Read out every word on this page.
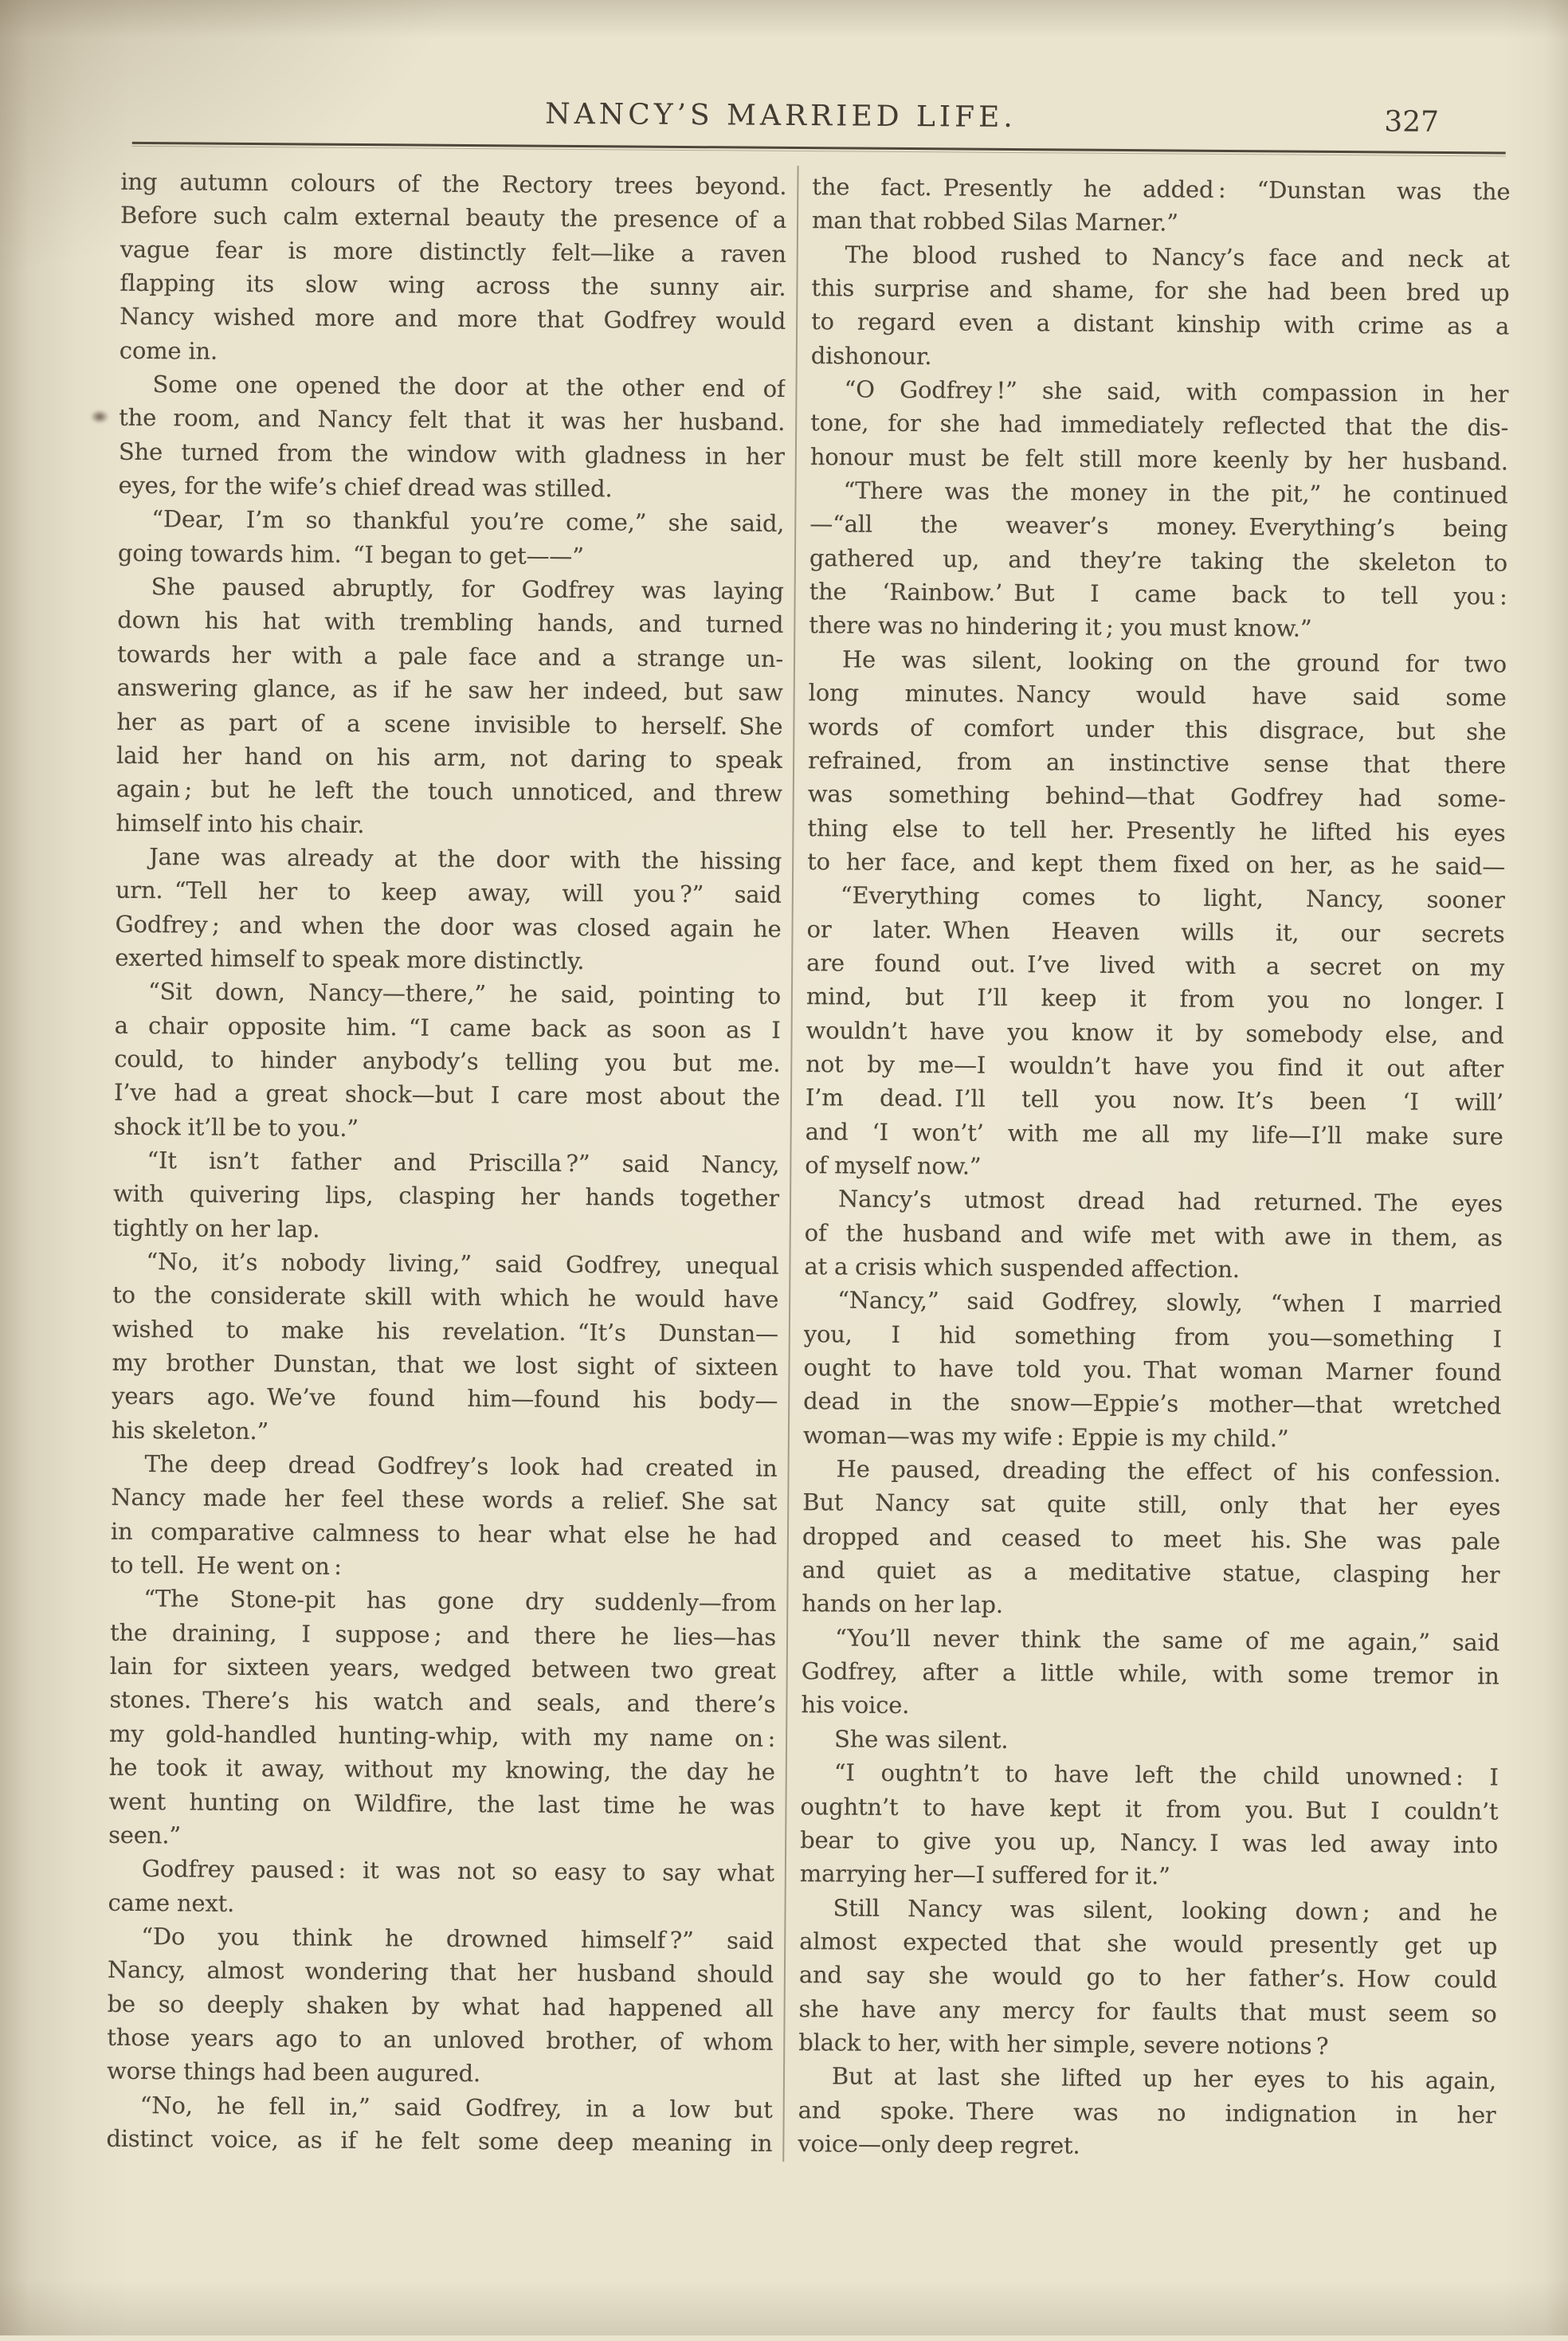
NANCY’S MARRIED LIFE.	327
ing autumn colours of the Rectory trees beyond.
Before such calm external beauty the presence of a
vague fear is more distinctly felt—like a raven
flapping its slow wing across the sunny air.
Nancy wished more and more that Godfrey would
come in.
Some one opened the door at the other end of
the room, and Nancy felt that it was her husband.
She turned from the window with gladness in her
eyes, for the wife’s chief dread was stilled.
“Dear, I’m so thankful you’re come,” she said,
going towards him. “I began to get——”
She paused abruptly, for Godfrey was laying
down his hat with trembling hands, and turned
towards her with a pale face and a strange un-
answering glance, as if he saw her indeed, but saw
her as part of a scene invisible to herself. She
laid her hand on his arm, not daring to speak
again ; but he left the touch unnoticed, and threw
himself into his chair.
Jane was already at the door with the hissing
urn. “Tell her to keep away, will you ?” said
Godfrey ; and when the door was closed again he
exerted himself to speak more distinctly.
“Sit down, Nancy—there,” he said, pointing to
a chair opposite him. “I came back as soon as I
could, to hinder anybody’s telling you but me.
I’ve had a great shock—but I care most about the
shock it’ll be to you.”
“It isn’t father and Priscilla ?” said Nancy,
with quivering lips, clasping her hands together
tightly on her lap.
“No, it’s nobody living,” said Godfrey, unequal
to the considerate skill with which he would have
wished to make his revelation. “It’s Dunstan—
my brother Dunstan, that we lost sight of sixteen
years ago. We’ve found him—found his body—
his skeleton.”
The deep dread Godfrey’s look had created in
Nancy made her feel these words a relief. She sat
in comparative calmness to hear what else he had
to tell. He went on :
“The Stone-pit has gone dry suddenly—from
the draining, I suppose ; and there he lies—has
lain for sixteen years, wedged between two great
stones. There’s his watch and seals, and there’s
my gold-handled hunting-whip, with my name on :
he took it away, without my knowing, the day he
went hunting on Wildfire, the last time he was
seen.”
Godfrey paused : it was not so easy to say what
came next.
“Do you think he drowned himself ?” said
Nancy, almost wondering that her husband should
be so deeply shaken by what had happened all
those years ago to an unloved brother, of whom
worse things had been augured.
“No, he fell in,” said Godfrey, in a low but
distinct voice, as if he felt some deep meaning in
the fact. Presently he added : “Dunstan was the
man that robbed Silas Marner.”
The blood rushed to Nancy’s face and neck at
this surprise and shame, for she had been bred up
to regard even a distant kinship with crime as a
dishonour.
“O Godfrey !” she said, with compassion in her
tone, for she had immediately reflected that the dis-
honour must be felt still more keenly by her husband.
“There was the money in the pit,” he continued
—“all the weaver’s money. Everything’s being
gathered up, and they’re taking the skeleton to
the ‘Rainbow.’ But I came back to tell you :
there was no hindering it ; you must know.”
He was silent, looking on the ground for two
long minutes. Nancy would have said some
words of comfort under this disgrace, but she
refrained, from an instinctive sense that there
was something behind—that Godfrey had some-
thing else to tell her. Presently he lifted his eyes
to her face, and kept them fixed on her, as he said—
“Everything comes to light, Nancy, sooner
or later. When Heaven wills it, our secrets
are found out. I’ve lived with a secret on my
mind, but I’ll keep it from you no longer. I
wouldn’t have you know it by somebody else, and
not by me—I wouldn’t have you find it out after
I’m dead. I’ll tell you now. It’s been ‘I will’
and ‘I won’t’ with me all my life—I’ll make sure
of myself now.”
Nancy’s utmost dread had returned. The eyes
of the husband and wife met with awe in them, as
at a crisis which suspended affection.
“Nancy,” said Godfrey, slowly, “when I married
you, I hid something from you—something I
ought to have told you. That woman Marner found
dead in the snow—Eppie’s mother—that wretched
woman—was my wife : Eppie is my child.”
He paused, dreading the effect of his confession.
But Nancy sat quite still, only that her eyes
dropped and ceased to meet his. She was pale
and quiet as a meditative statue, clasping her
hands on her lap.
“You’ll never think the same of me again,” said
Godfrey, after a little while, with some tremor in
his voice.
She was silent.
“I oughtn’t to have left the child unowned : I
oughtn’t to have kept it from you. But I couldn’t
bear to give you up, Nancy. I was led away into
marrying her—I suffered for it.”
Still Nancy was silent, looking down ; and he
almost expected that she would presently get up
and say she would go to her father’s. How could
she have any mercy for faults that must seem so
black to her, with her simple, severe notions ?
But at last she lifted up her eyes to his again,
and spoke. There was no indignation in her
voice—only deep regret.
